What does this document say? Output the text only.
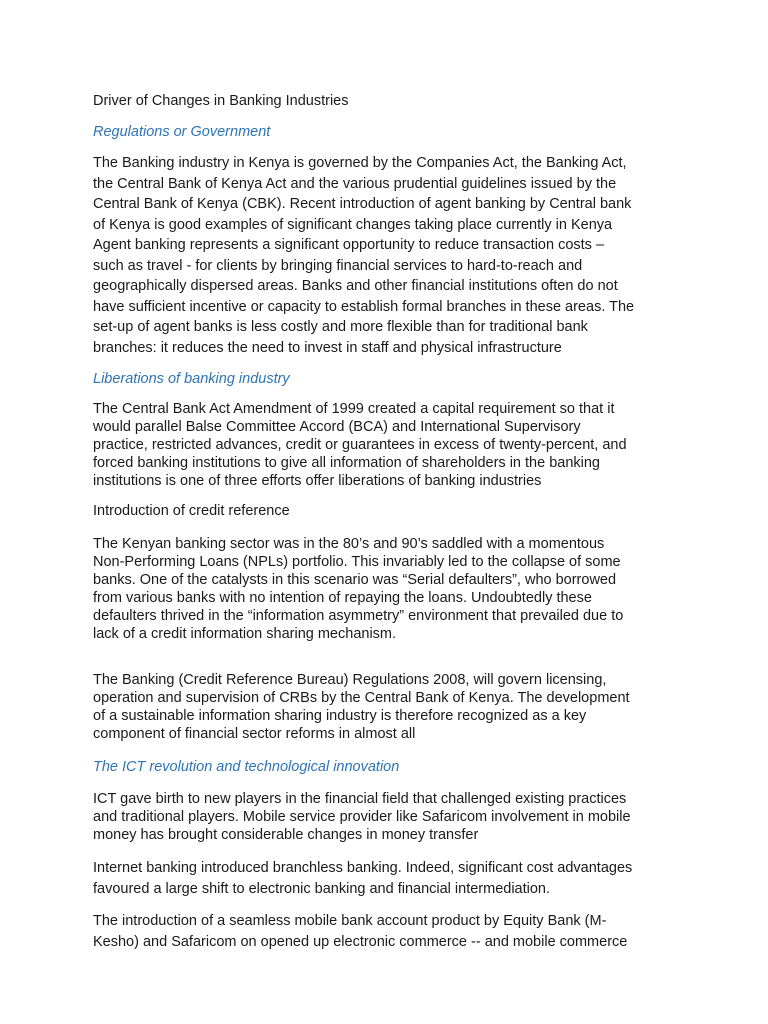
Driver of Changes in Banking Industries
Regulations or Government
The Banking industry in Kenya is governed by the Companies Act, the Banking Act,
the Central Bank of Kenya Act and the various prudential guidelines issued by the
Central Bank of Kenya (CBK). Recent introduction of agent banking by Central bank
of Kenya is good examples of significant changes taking place currently in Kenya
Agent banking represents a significant opportunity to reduce transaction costs –
such as travel - for clients by bringing financial services to hard-to-reach and
geographically dispersed areas. Banks and other financial institutions often do not
have sufficient incentive or capacity to establish formal branches in these areas. The
set-up of agent banks is less costly and more flexible than for traditional bank
branches: it reduces the need to invest in staff and physical infrastructure
Liberations of banking industry
The Central Bank Act Amendment of 1999 created a capital requirement so that it
would parallel Balse Committee Accord (BCA) and International Supervisory
practice, restricted advances, credit or guarantees in excess of twenty-percent, and
forced banking institutions to give all information of shareholders in the banking
institutions is one of three efforts offer liberations of banking industries
Introduction of credit reference
The Kenyan banking sector was in the 80’s and 90’s saddled with a momentous
Non-Performing Loans (NPLs) portfolio. This invariably led to the collapse of some
banks. One of the catalysts in this scenario was “Serial defaulters”, who borrowed
from various banks with no intention of repaying the loans. Undoubtedly these
defaulters thrived in the “information asymmetry” environment that prevailed due to
lack of a credit information sharing mechanism.
The Banking (Credit Reference Bureau) Regulations 2008, will govern licensing,
operation and supervision of CRBs by the Central Bank of Kenya. The development
of a sustainable information sharing industry is therefore recognized as a key
component of financial sector reforms in almost all
The ICT revolution and technological innovation
ICT gave birth to new players in the financial field that challenged existing practices
and traditional players. Mobile service provider like Safaricom involvement in mobile
money has brought considerable changes in money transfer
Internet banking introduced branchless banking. Indeed, significant cost advantages
favoured a large shift to electronic banking and financial intermediation.
The introduction of a seamless mobile bank account product by Equity Bank (M-
Kesho) and Safaricom on opened up electronic commerce -- and mobile commerce
